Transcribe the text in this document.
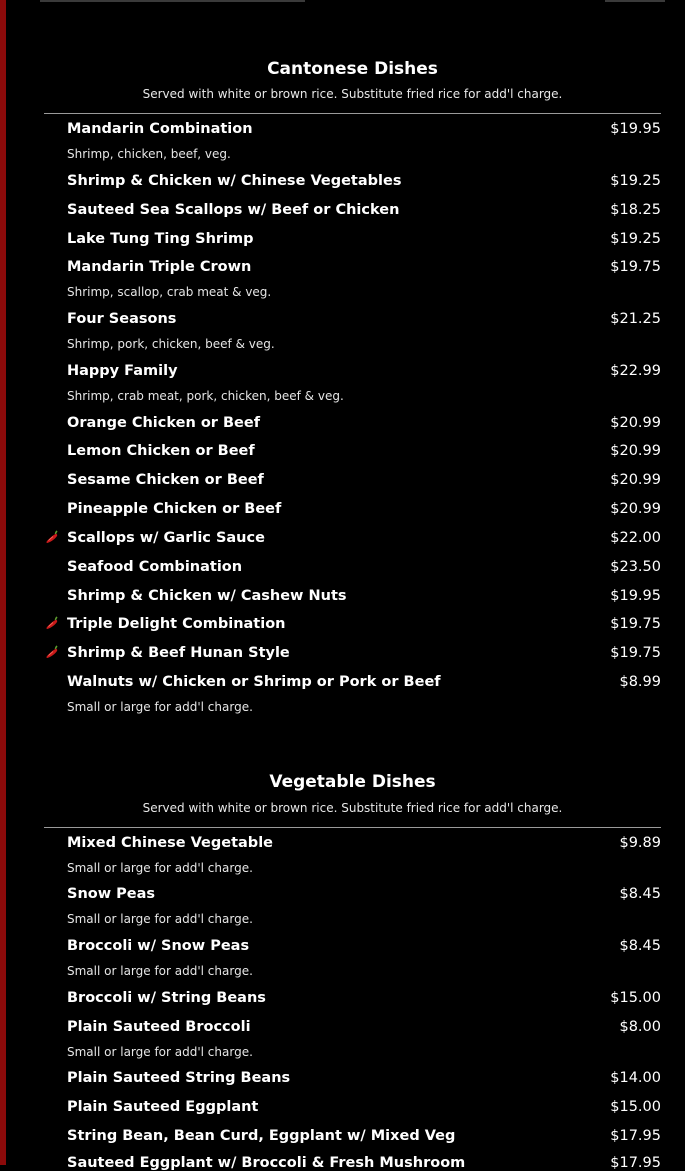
Cantonese Dishes
Served with white or brown rice. Substitute fried rice for add'l charge.
Mandarin Combination	$19.95
Shrimp, chicken, beef, veg.
Shrimp & Chicken w/ Chinese Vegetables	$19.25
Sauteed Sea Scallops w/ Beef or Chicken	$18.25
Lake Tung Ting Shrimp	$19.25
Mandarin Triple Crown	$19.75
Shrimp, scallop, crab meat & veg.
Four Seasons	$21.25
Shrimp, pork, chicken, beef & veg.
Happy Family	$22.99
Shrimp, crab meat, pork, chicken, beef & veg.
Orange Chicken or Beef	$20.99
Lemon Chicken or Beef	$20.99
Sesame Chicken or Beef	$20.99
Pineapple Chicken or Beef	$20.99
Scallops w/ Garlic Sauce	$22.00
Seafood Combination	$23.50
Shrimp & Chicken w/ Cashew Nuts	$19.95
Triple Delight Combination	$19.75
Shrimp & Beef Hunan Style	$19.75
Walnuts w/ Chicken or Shrimp or Pork or Beef	$8.99
Small or large for add'l charge.
Vegetable Dishes
Served with white or brown rice. Substitute fried rice for add'l charge.
Mixed Chinese Vegetable	$9.89
Small or large for add'l charge.
Snow Peas	$8.45
Small or large for add'l charge.
Broccoli w/ Snow Peas	$8.45
Small or large for add'l charge.
Broccoli w/ String Beans	$15.00
Plain Sauteed Broccoli	$8.00
Small or large for add'l charge.
Plain Sauteed String Beans	$14.00
Plain Sauteed Eggplant	$15.00
String Bean, Bean Curd, Eggplant w/ Mixed Veg	$17.95
Sauteed Eggplant w/ Broccoli & Fresh Mushroom	$17.95
